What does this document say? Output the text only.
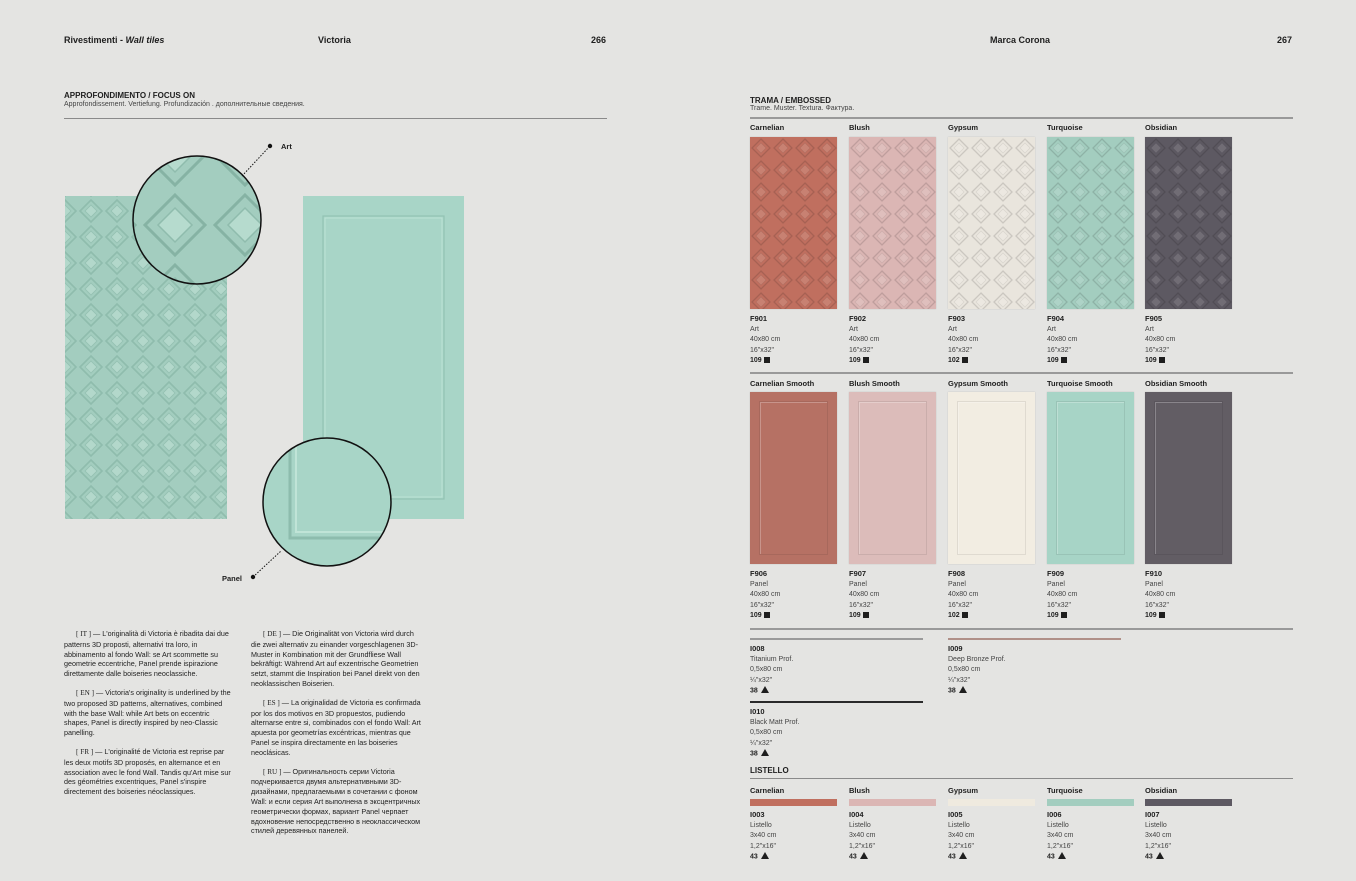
Rivestimenti - Wall tiles	Victoria	266	Marca Corona	267
APPROFONDIMENTO / FOCUS ON
Approfondissement. Vertiefung. Profundización . дополнительные сведения.
Art
Panel

[ IT ] — L'originalità di Victoria è ribadita dai due patterns 3D proposti, alternativi tra loro, in abbinamento al fondo Wall: se Art scommette su geometrie eccentriche, Panel prende ispirazione direttamente dalle boiseries neoclassiche.

[ EN ] — Victoria's originality is underlined by the two proposed 3D patterns, alternatives, combined with the base Wall: while Art bets on eccentric shapes, Panel is directly inspired by neo-Classic panelling.

[ FR ] — L'originalité de Victoria est reprise par les deux motifs 3D proposés, en alternance et en association avec le fond Wall. Tandis qu'Art mise sur des géométries excentriques, Panel s'inspire directement des boiseries néoclassiques.

[ DE ] — Die Originalität von Victoria wird durch die zwei alternativ zu einander vorgeschlagenen 3D-Muster in Kombination mit der Grundfliese Wall bekräftigt: Während Art auf exzentrische Geometrien setzt, stammt die Inspiration bei Panel direkt von den neoklassischen Boiserien.

[ ES ] — La originalidad de Victoria es confirmada por los dos motivos en 3D propuestos, pudiendo alternarse entre si, combinados con el fondo Wall: Art apuesta por geometrías excéntricas, mientras que Panel se inspira directamente en las boiseries neoclásicas.

[ RU ] — Оригинальность серии Victoria подчеркивается двумя альтернативными 3D-дизайнами, предлагаемыми в сочетании с фоном Wall: и если серия Art выполнена в эксцентричных геометрически формах, вариант Panel черпает вдохновение непосредственно в неоклассическом стилей деревянных панелей.

TRAMA / EMBOSSED
Trame. Muster. Textura. Фактура.
Carnelian
F901
Art
40x80 cm
16"x32"
109
Blush
F902
Art
40x80 cm
16"x32"
109
Gypsum
F903
Art
40x80 cm
16"x32"
102
Turquoise
F904
Art
40x80 cm
16"x32"
109
Obsidian
F905
Art
40x80 cm
16"x32"
109
Carnelian Smooth
F906
Panel
40x80 cm
16"x32"
109
Blush Smooth
F907
Panel
40x80 cm
16"x32"
109
Gypsum Smooth
F908
Panel
40x80 cm
16"x32"
102
Turquoise Smooth
F909
Panel
40x80 cm
16"x32"
109
Obsidian Smooth
F910
Panel
40x80 cm
16"x32"
109
I008
Titanium Prof.
0,5x80 cm
¼"x32"
38
I009
Deep Bronze Prof.
0,5x80 cm
¼"x32"
38
I010
Black Matt Prof.
0,5x80 cm
¼"x32"
38
LISTELLO
Carnelian
I003
Listello
3x40 cm
1,2"x16"
43
Blush
I004
Listello
3x40 cm
1,2"x16"
43
Gypsum
I005
Listello
3x40 cm
1,2"x16"
43
Turquoise
I006
Listello
3x40 cm
1,2"x16"
43
Obsidian
I007
Listello
3x40 cm
1,2"x16"
43
